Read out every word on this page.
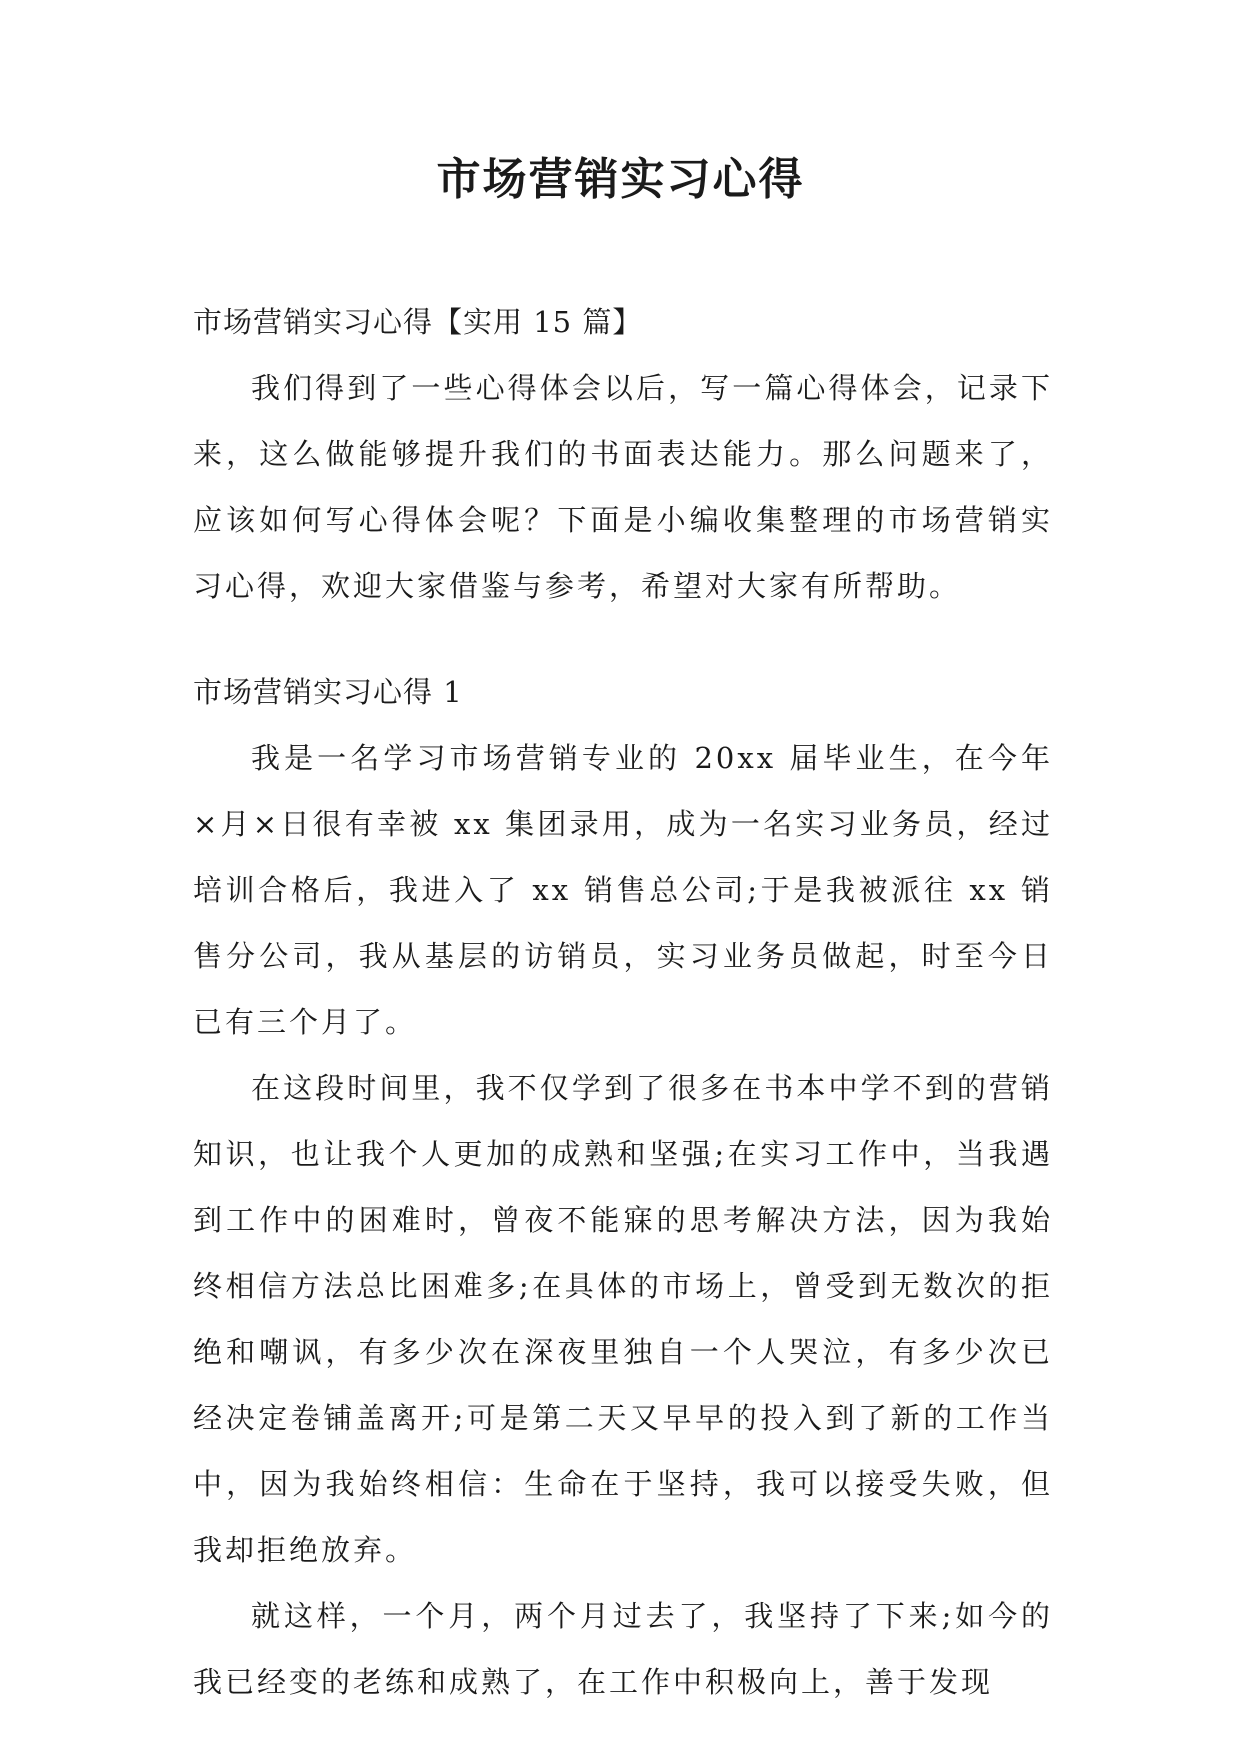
市场营销实习心得

市场营销实习心得【实用 15 篇】

我们得到了一些心得体会以后，写一篇心得体会，记录下来，这么做能够提升我们的书面表达能力。那么问题来了，应该如何写心得体会呢？下面是小编收集整理的市场营销实习心得，欢迎大家借鉴与参考，希望对大家有所帮助。

市场营销实习心得 1

我是一名学习市场营销专业的 20xx 届毕业生，在今年×月×日很有幸被 xx 集团录用，成为一名实习业务员，经过培训合格后，我进入了 xx 销售总公司;于是我被派往 xx 销售分公司，我从基层的访销员，实习业务员做起，时至今日已有三个月了。

在这段时间里，我不仅学到了很多在书本中学不到的营销知识，也让我个人更加的成熟和坚强;在实习工作中，当我遇到工作中的困难时，曾夜不能寐的思考解决方法，因为我始终相信方法总比困难多;在具体的市场上，曾受到无数次的拒绝和嘲讽，有多少次在深夜里独自一个人哭泣，有多少次已经决定卷铺盖离开;可是第二天又早早的投入到了新的工作当中，因为我始终相信：生命在于坚持，我可以接受失败，但我却拒绝放弃。

就这样，一个月，两个月过去了，我坚持了下来;如今的我已经变的老练和成熟了，在工作中积极向上，善于发现
